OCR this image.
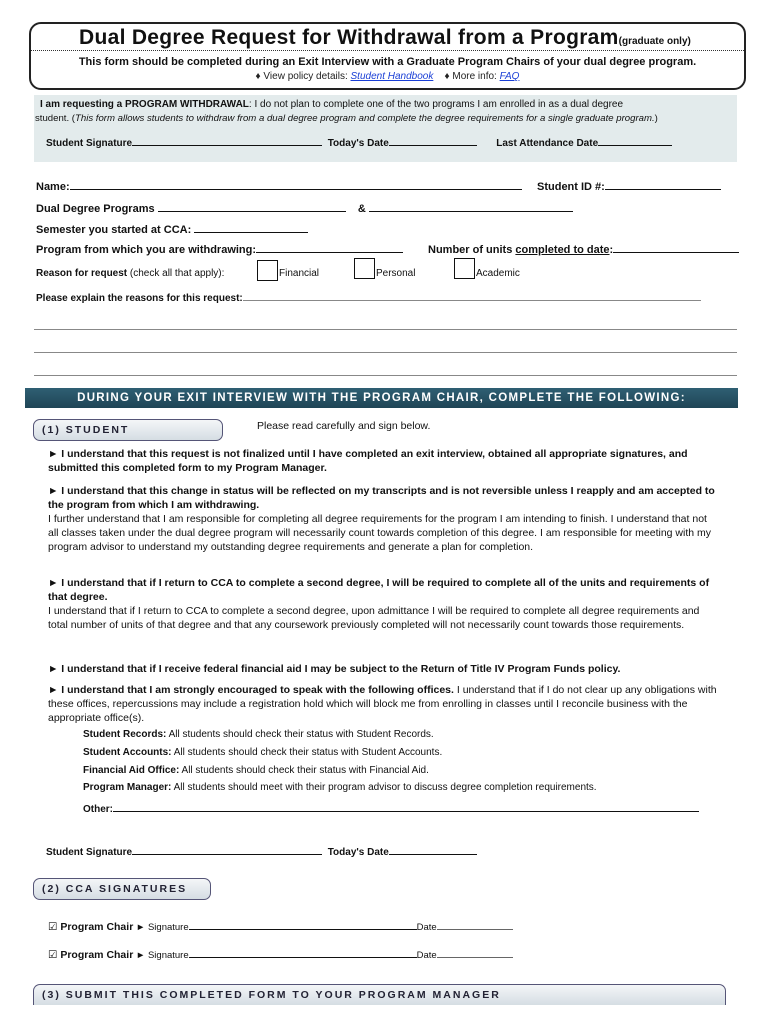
Dual Degree Request for Withdrawal from a Program(graduate only)
This form should be completed during an Exit Interview with a Graduate Program Chairs of your dual degree program.
♦ View policy details: Student Handbook ♦ More info: FAQ
I am requesting a PROGRAM WITHDRAWAL: I do not plan to complete one of the two programs I am enrolled in as a dual degree
student. (This form allows students to withdraw from a dual degree program and complete the degree requirements for a single graduate program.)
Student Signature	Today's Date	Last Attendance Date
Name:	Student ID #:
Dual Degree Programs	&
Semester you started at CCA:
Program from which you are withdrawing:	Number of units completed to date:
Reason for request (check all that apply):	Financial	Personal	Academic
Please explain the reasons for this request:
DURING YOUR EXIT INTERVIEW WITH THE PROGRAM CHAIR, COMPLETE THE FOLLOWING:
(1) STUDENT	Please read carefully and sign below.
► I understand that this request is not finalized until I have completed an exit interview, obtained all appropriate signatures, and submitted this completed form to my Program Manager.
► I understand that this change in status will be reflected on my transcripts and is not reversible unless I reapply and am accepted to the program from which I am withdrawing.
I further understand that I am responsible for completing all degree requirements for the program I am intending to finish. I understand that not all classes taken under the dual degree program will necessarily count towards completion of this degree. I am responsible for meeting with my program advisor to understand my outstanding degree requirements and generate a plan for completion.
► I understand that if I return to CCA to complete a second degree, I will be required to complete all of the units and requirements of that degree.
I understand that if I return to CCA to complete a second degree, upon admittance I will be required to complete all degree requirements and total number of units of that degree and that any coursework previously completed will not necessarily count towards those requirements.
► I understand that if I receive federal financial aid I may be subject to the Return of Title IV Program Funds policy.
► I understand that I am strongly encouraged to speak with the following offices. I understand that if I do not clear up any obligations with these offices, repercussions may include a registration hold which will block me from enrolling in classes until I reconcile business with the appropriate office(s).
Student Records: All students should check their status with Student Records.
Student Accounts: All students should check their status with Student Accounts.
Financial Aid Office: All students should check their status with Financial Aid.
Program Manager: All students should meet with their program advisor to discuss degree completion requirements.
Other:
Student Signature	Today's Date
(2) CCA SIGNATURES
☑ Program Chair ► Signature	Date
☑ Program Chair ► Signature	Date
(3) SUBMIT THIS COMPLETED FORM TO YOUR PROGRAM MANAGER
